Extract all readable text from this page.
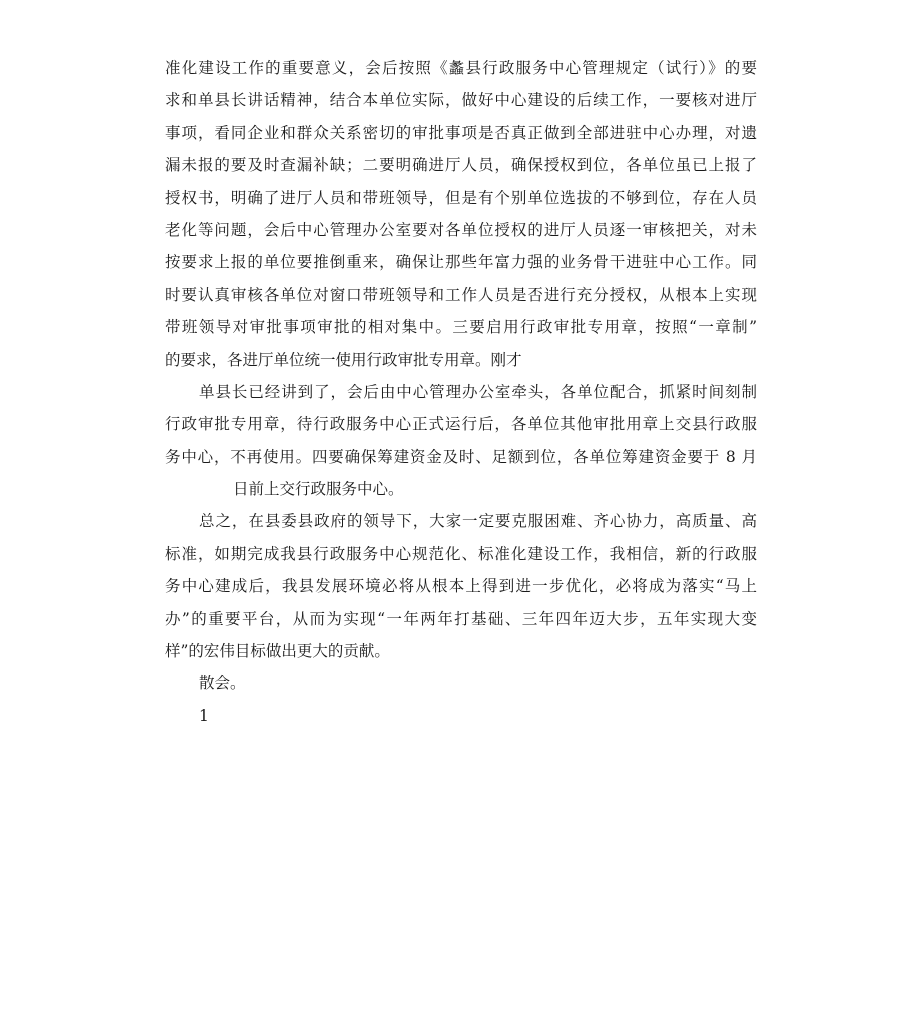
准化建设工作的重要意义，会后按照《蠡县行政服务中心管理规定（试行）》的要
求和单县长讲话精神，结合本单位实际，做好中心建设的后续工作，一要核对进厅
事项，看同企业和群众关系密切的审批事项是否真正做到全部进驻中心办理，对遗
漏未报的要及时查漏补缺；二要明确进厅人员，确保授权到位，各单位虽已上报了
授权书，明确了进厅人员和带班领导，但是有个别单位选拔的不够到位，存在人员
老化等问题，会后中心管理办公室要对各单位授权的进厅人员逐一审核把关，对未
按要求上报的单位要推倒重来，确保让那些年富力强的业务骨干进驻中心工作。同
时要认真审核各单位对窗口带班领导和工作人员是否进行充分授权，从根本上实现
带班领导对审批事项审批的相对集中。三要启用行政审批专用章，按照“一章制”
的要求，各进厅单位统一使用行政审批专用章。刚才
单县长已经讲到了，会后由中心管理办公室牵头，各单位配合，抓紧时间刻制
行政审批专用章，待行政服务中心正式运行后，各单位其他审批用章上交县行政服
务中心，不再使用。四要确保筹建资金及时、足额到位，各单位筹建资金要于 8 月
日前上交行政服务中心。
总之，在县委县政府的领导下，大家一定要克服困难、齐心协力，高质量、高
标准，如期完成我县行政服务中心规范化、标准化建设工作，我相信，新的行政服
务中心建成后，我县发展环境必将从根本上得到进一步优化，必将成为落实“马上
办”的重要平台，从而为实现“一年两年打基础、三年四年迈大步，五年实现大变
样”的宏伟目标做出更大的贡献。
散会。
1
